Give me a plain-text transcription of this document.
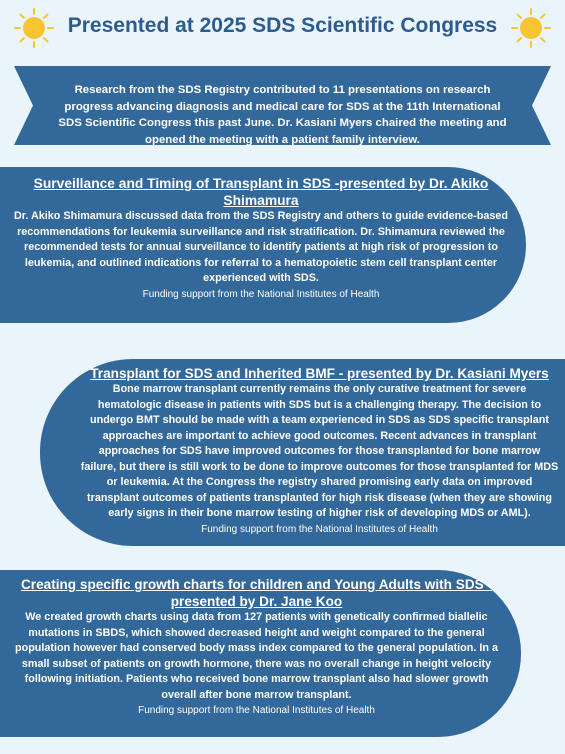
Presented at 2025 SDS Scientific Congress

Research from the SDS Registry contributed to 11 presentations on research progress advancing diagnosis and medical care for SDS at the 11th International SDS Scientific Congress this past June. Dr. Kasiani Myers chaired the meeting and opened the meeting with a patient family interview.

Surveillance and Timing of Transplant in SDS -presented by Dr. Akiko Shimamura

Dr. Akiko Shimamura discussed data from the SDS Registry and others to guide evidence-based recommendations for leukemia surveillance and risk stratification. Dr. Shimamura reviewed the recommended tests for annual surveillance to identify patients at high risk of progression to leukemia, and outlined indications for referral to a hematopoietic stem cell transplant center experienced with SDS.

Funding support from the National Institutes of Health

Transplant for SDS and Inherited BMF - presented by Dr. Kasiani Myers

Bone marrow transplant currently remains the only curative treatment for severe hematologic disease in patients with SDS but is a challenging therapy. The decision to undergo BMT should be made with a team experienced in SDS as SDS specific transplant approaches are important to achieve good outcomes. Recent advances in transplant approaches for SDS have improved outcomes for those transplanted for bone marrow failure, but there is still work to be done to improve outcomes for those transplanted for MDS or leukemia. At the Congress the registry shared promising early data on improved transplant outcomes of patients transplanted for high risk disease (when they are showing early signs in their bone marrow testing of higher risk of developing MDS or AML).

Funding support from the National Institutes of Health

Creating specific growth charts for children and Young Adults with SDS - presented by Dr. Jane Koo

We created growth charts using data from 127 patients with genetically confirmed biallelic mutations in SBDS, which showed decreased height and weight compared to the general population however had conserved body mass index compared to the general population. In a small subset of patients on growth hormone, there was no overall change in height velocity following initiation. Patients who received bone marrow transplant also had slower growth overall after bone marrow transplant.

Funding support from the National Institutes of Health
